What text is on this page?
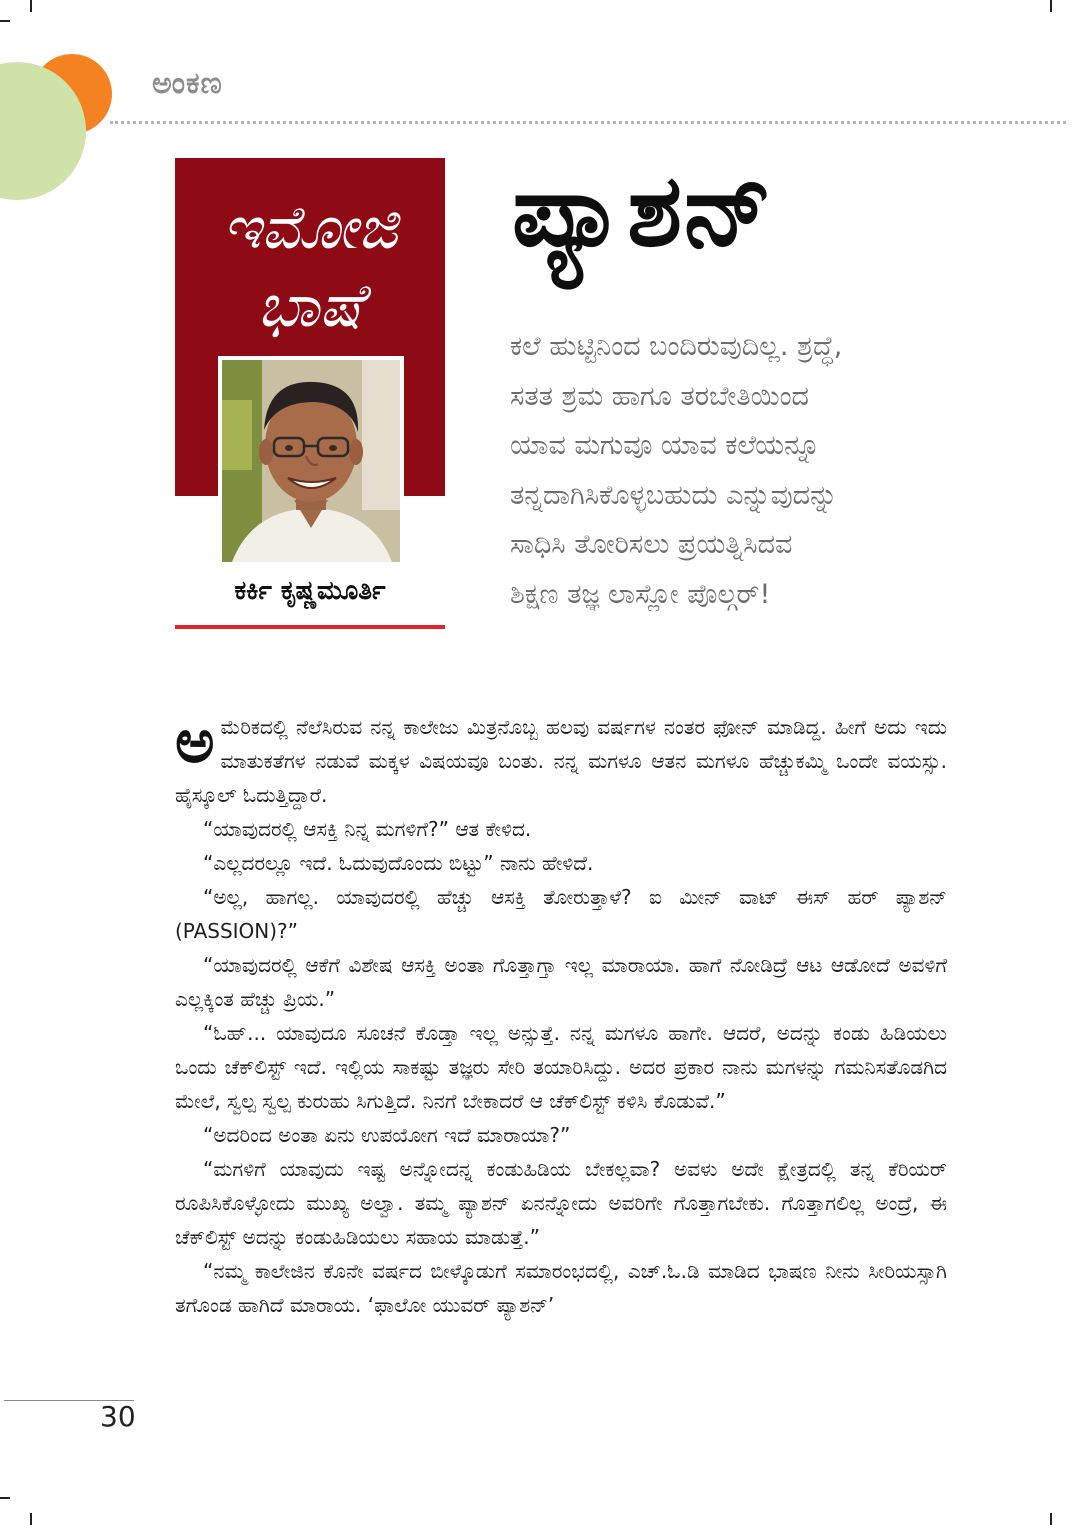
ಅಂಕಣ
ಇಮೋಜಿ
ಭಾಷೆ
ಕರ್ಕಿ ಕೃಷ್ಣಮೂರ್ತಿ
ಪ್ಯಾಶನ್
ಕಲೆ ಹುಟ್ಟಿನಿಂದ ಬಂದಿರುವುದಿಲ್ಲ. ಶ್ರದ್ಧೆ,
ಸತತ ಶ್ರಮ ಹಾಗೂ ತರಬೇತಿಯಿಂದ
ಯಾವ ಮಗುವೂ ಯಾವ ಕಲೆಯನ್ನೂ
ತನ್ನದಾಗಿಸಿಕೊಳ್ಳಬಹುದು ಎನ್ನುವುದನ್ನು
ಸಾಧಿಸಿ ತೋರಿಸಲು ಪ್ರಯತ್ನಿಸಿದವ
ಶಿಕ್ಷಣ ತಜ್ಞ ಲಾಸ್ಲೋ ಪೊಲ್ಗರ್!

ಅಮೆರಿಕದಲ್ಲಿ ನೆಲೆಸಿರುವ ನನ್ನ ಕಾಲೇಜು ಮಿತ್ರನೊಬ್ಬ ಹಲವು ವರ್ಷಗಳ ನಂತರ ಫೋನ್ ಮಾಡಿದ್ದ. ಹೀಗೆ ಅದು ಇದು ಮಾತುಕತೆಗಳ ನಡುವೆ ಮಕ್ಕಳ ವಿಷಯವೂ ಬಂತು. ನನ್ನ ಮಗಳೂ ಆತನ ಮಗಳೂ ಹೆಚ್ಚುಕಮ್ಮಿ ಒಂದೇ ವಯಸ್ಸು. ಹೈಸ್ಕೂಲ್ ಓದುತ್ತಿದ್ದಾರೆ.

“ಯಾವುದರಲ್ಲಿ ಆಸಕ್ತಿ ನಿನ್ನ ಮಗಳಿಗೆ?” ಆತ ಕೇಳಿದ.

“ಎಲ್ಲದರಲ್ಲೂ ಇದೆ. ಓದುವುದೊಂದು ಬಿಟ್ಟು” ನಾನು ಹೇಳಿದೆ.

“ಅಲ್ಲ, ಹಾಗಲ್ಲ. ಯಾವುದರಲ್ಲಿ ಹೆಚ್ಚು ಆಸಕ್ತಿ ತೋರುತ್ತಾಳೆ? ಐ ಮೀನ್ ವಾಟ್ ಈಸ್ ಹರ್ ಪ್ಯಾಶನ್ (PASSION)?”

“ಯಾವುದರಲ್ಲಿ ಆಕೆಗೆ ವಿಶೇಷ ಆಸಕ್ತಿ ಅಂತಾ ಗೊತ್ತಾಗ್ತಾ ಇಲ್ಲ ಮಾರಾಯಾ. ಹಾಗೆ ನೋಡಿದ್ರೆ ಆಟ ಆಡೋದೆ ಅವಳಿಗೆ ಎಲ್ಲಕ್ಕಿಂತ ಹೆಚ್ಚು ಪ್ರಿಯ.”

“ಓಹ್... ಯಾವುದೂ ಸೂಚನೆ ಕೊಡ್ತಾ ಇಲ್ಲ ಅನ್ಸುತ್ತೆ. ನನ್ನ ಮಗಳೂ ಹಾಗೇ. ಆದರೆ, ಅದನ್ನು ಕಂಡು ಹಿಡಿಯಲು ಒಂದು ಚೆಕ್‌ಲಿಸ್ಟ್ ಇದೆ. ಇಲ್ಲಿಯ ಸಾಕಷ್ಟು ತಜ್ಞರು ಸೇರಿ ತಯಾರಿಸಿದ್ದು. ಅದರ ಪ್ರಕಾರ ನಾನು ಮಗಳನ್ನು ಗಮನಿಸತೊಡಗಿದ ಮೇಲೆ, ಸ್ವಲ್ಪ ಸ್ವಲ್ಪ ಕುರುಹು ಸಿಗುತ್ತಿದೆ. ನಿನಗೆ ಬೇಕಾದರೆ ಆ ಚೆಕ್‌ಲಿಸ್ಟ್ ಕಳಿಸಿ ಕೊಡುವೆ.”

“ಅದರಿಂದ ಅಂತಾ ಏನು ಉಪಯೋಗ ಇದೆ ಮಾರಾಯಾ?”

“ಮಗಳಿಗೆ ಯಾವುದು ಇಷ್ಟ ಅನ್ನೋದನ್ನ ಕಂಡುಹಿಡಿಯ ಬೇಕಲ್ಲವಾ? ಅವಳು ಅದೇ ಕ್ಷೇತ್ರದಲ್ಲಿ ತನ್ನ ಕೆರಿಯರ್ ರೂಪಿಸಿಕೊಳ್ಳೋದು ಮುಖ್ಯ ಅಲ್ವಾ. ತಮ್ಮ ಪ್ಯಾಶನ್ ಏನನ್ನೋದು ಅವರಿಗೇ ಗೊತ್ತಾಗಬೇಕು. ಗೊತ್ತಾಗಲಿಲ್ಲ ಅಂದ್ರೆ, ಈ ಚೆಕ್‌ಲಿಸ್ಟ್ ಅದನ್ನು ಕಂಡುಹಿಡಿಯಲು ಸಹಾಯ ಮಾಡುತ್ತೆ.”

“ನಮ್ಮ ಕಾಲೇಜಿನ ಕೊನೇ ವರ್ಷದ ಬೀಳ್ಕೊಡುಗೆ ಸಮಾರಂಭದಲ್ಲಿ, ಎಚ್.ಓ.ಡಿ ಮಾಡಿದ ಭಾಷಣ ನೀನು ಸೀರಿಯಸ್ಸಾಗಿ ತಗೊಂಡ ಹಾಗಿದೆ ಮಾರಾಯ. ‘ಫಾಲೋ ಯುವರ್ ಪ್ಯಾಶನ್’

30
